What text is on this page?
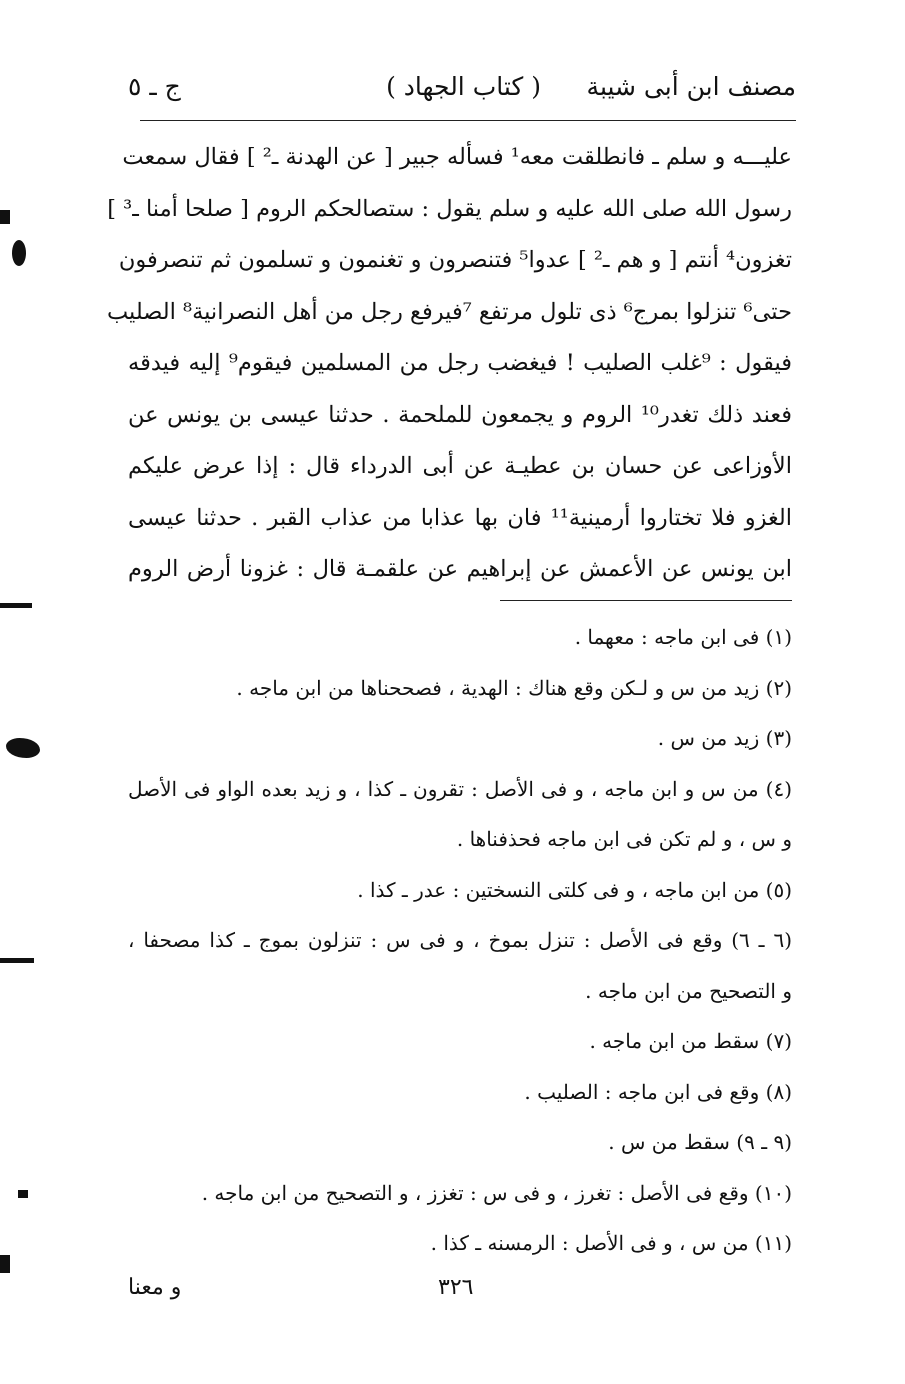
مصنف ابن أبى شيبة
( كتاب الجهاد )
ج ـ ٥
عليـــه و سلم ـ فانطلقت معه¹ فسأله جبير [ عن الهدنة ـ² ] فقال سمعت
رسول الله صلى الله عليه و سلم يقول : ستصالحكم الروم [ صلحا أمنا ـ³ ]
تغزون⁴ أنتم [ و هم ـ² ] عدوا⁵ فتنصرون و تغنمون و تسلمون ثم تنصرفون
حتى⁶ تنزلوا بمرج⁶ ذى تلول مرتفع ⁷فيرفع رجل من أهل النصرانية⁸ الصليب
فيقول : ⁹غلب الصليب ! فيغضب رجل من المسلمين فيقوم⁹ إليه فيدقه
فعند ذلك تغدر¹⁰ الروم و يجمعون للملحمة . حدثنا عيسى بن يونس عن
الأوزاعى عن حسان بن عطيـة عن أبى الدرداء قال : إذا عرض عليكم
الغزو فلا تختاروا أرمينية¹¹ فان بها عذابا من عذاب القبر . حدثنا عيسى
ابن يونس عن الأعمش عن إبراهيم عن علقمـة قال : غزونا أرض الروم
(١) فى ابن ماجه : معهما .
(٢) زيد من س و لـكن وقع هناك : الهدية ، فصححناها من ابن ماجه .
(٣) زيد من س .
(٤) من س و ابن ماجه ، و فى الأصل : تقرون ـ كذا ، و زيد بعده الواو فى الأصل
و س ، و لم تكن فى ابن ماجه فحذفناها .
(٥) من ابن ماجه ، و فى كلتى النسختين : عدر ـ كذا .
(٦ ـ ٦) وقع فى الأصل : تنزل بموخ ، و فى س : تنزلون بموج ـ كذا مصحفا ،
و التصحيح من ابن ماجه .
(٧) سقط من ابن ماجه .
(٨) وقع فى ابن ماجه : الصليب .
(٩ ـ ٩) سقط من س .
(١٠) وقع فى الأصل : تغرز ، و فى س : تغزز ، و التصحيح من ابن ماجه .
(١١) من س ، و فى الأصل : الرمسنه ـ كذا .
٣٢٦
و معنا
